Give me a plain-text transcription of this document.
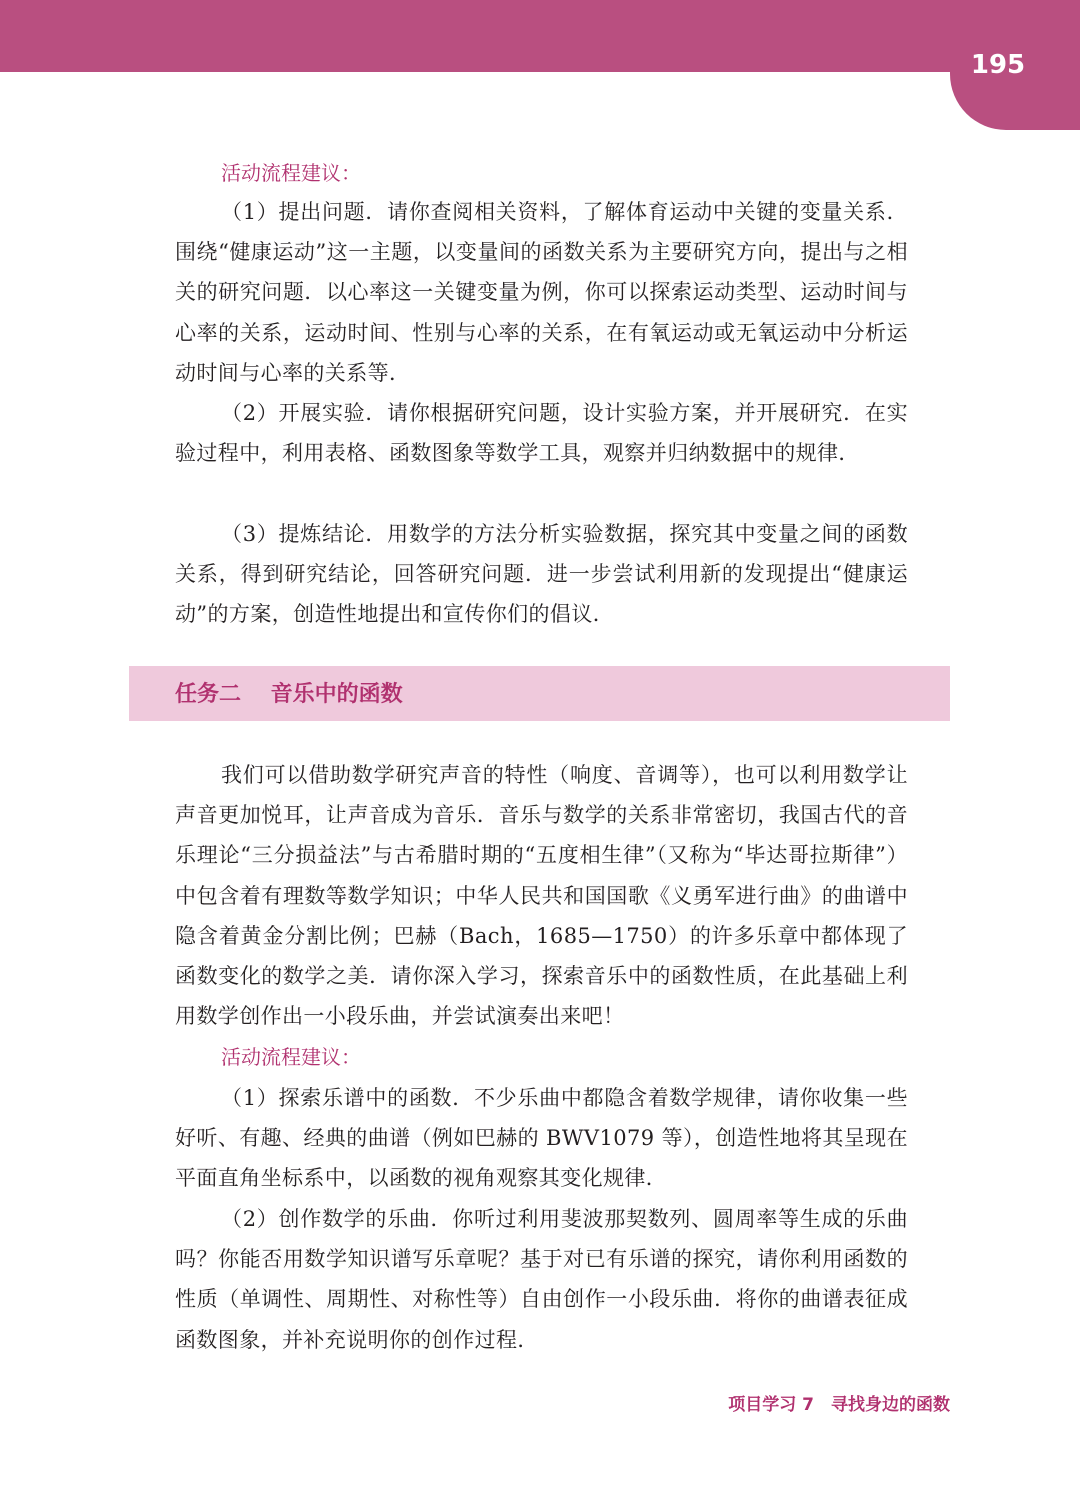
195
活动流程建议：

（1）提出问题．请你查阅相关资料，了解体育运动中关键的变量关系．围绕“健康运动”这一主题，以变量间的函数关系为主要研究方向，提出与之相关的研究问题．以心率这一关键变量为例，你可以探索运动类型、运动时间与心率的关系，运动时间、性别与心率的关系，在有氧运动或无氧运动中分析运动时间与心率的关系等．

（2）开展实验．请你根据研究问题，设计实验方案，并开展研究．在实验过程中，利用表格、函数图象等数学工具，观察并归纳数据中的规律．

（3）提炼结论．用数学的方法分析实验数据，探究其中变量之间的函数关系，得到研究结论，回答研究问题．进一步尝试利用新的发现提出“健康运动”的方案，创造性地提出和宣传你们的倡议．

任务二　 音乐中的函数

我们可以借助数学研究声音的特性（响度、音调等），也可以利用数学让声音更加悦耳，让声音成为音乐．音乐与数学的关系非常密切，我国古代的音乐理论“三分损益法”与古希腊时期的“五度相生律”（又称为“毕达哥拉斯律”）中包含着有理数等数学知识；中华人民共和国国歌《义勇军进行曲》的曲谱中隐含着黄金分割比例；巴赫（Bach，1685—1750）的许多乐章中都体现了函数变化的数学之美．请你深入学习，探索音乐中的函数性质，在此基础上利用数学创作出一小段乐曲，并尝试演奏出来吧！

活动流程建议：

（1）探索乐谱中的函数．不少乐曲中都隐含着数学规律，请你收集一些好听、有趣、经典的曲谱（例如巴赫的 BWV1079 等），创造性地将其呈现在平面直角坐标系中，以函数的视角观察其变化规律．

（2）创作数学的乐曲．你听过利用斐波那契数列、圆周率等生成的乐曲吗？你能否用数学知识谱写乐章呢？基于对已有乐谱的探究，请你利用函数的性质（单调性、周期性、对称性等）自由创作一小段乐曲．将你的曲谱表征成函数图象，并补充说明你的创作过程．

项目学习 7　寻找身边的函数
